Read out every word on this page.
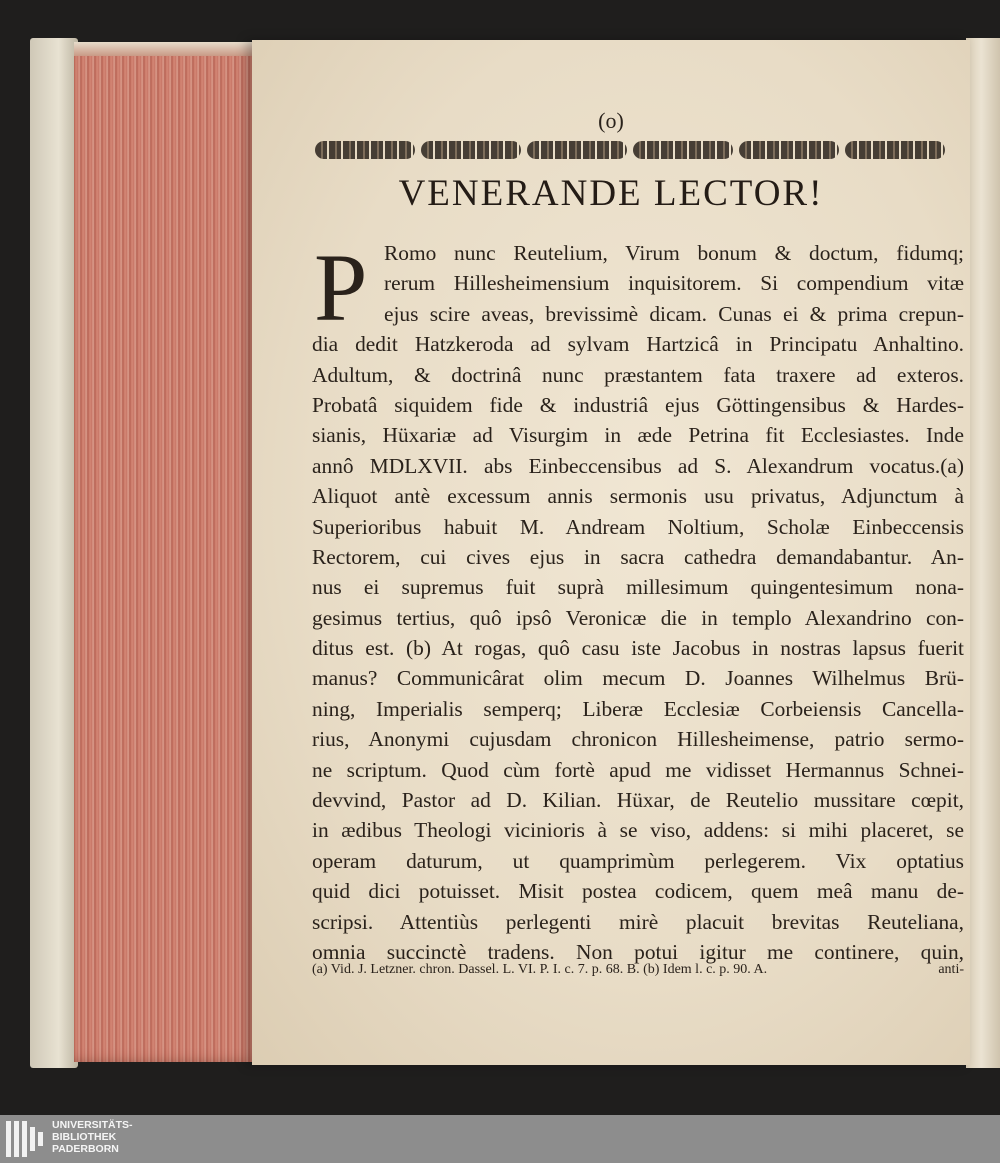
(o)
VENERANDE LECTOR!
P Romo nunc Reutelium, Virum bonum & doctum, fidumq;
rerum Hillesheimensium inquisitorem. Si compendium vitæ
ejus scire aveas, brevissimè dicam. Cunas ei & prima crepun-
dia dedit Hatzkeroda ad sylvam Hartzicâ in Principatu Anhaltino.
Adultum, & doctrinâ nunc præstantem fata traxere ad exteros.
Probatâ siquidem fide & industriâ ejus Göttingensibus & Hardes-
sianis, Hüxariæ ad Visurgim in æde Petrina fit Ecclesiastes. Inde
annô MDLXVII. abs Einbeccensibus ad S. Alexandrum vocatus.(a)
Aliquot antè excessum annis sermonis usu privatus, Adjunctum à
Superioribus habuit M. Andream Noltium, Scholæ Einbeccensis
Rectorem, cui cives ejus in sacra cathedra demandabantur. An-
nus ei supremus fuit suprà millesimum quingentesimum nona-
gesimus tertius, quô ipsô Veronicæ die in templo Alexandrino con-
ditus est. (b) At rogas, quô casu iste Jacobus in nostras lapsus fuerit
manus? Communicârat olim mecum D. Joannes Wilhelmus Brü-
ning, Imperialis semperq; Liberæ Ecclesiæ Corbeiensis Cancella-
rius, Anonymi cujusdam chronicon Hillesheimense, patrio sermo-
ne scriptum. Quod cùm fortè apud me vidisset Hermannus Schnei-
devvind, Pastor ad D. Kilian. Hüxar, de Reutelio mussitare cœpit,
in ædibus Theologi vicinioris à se viso, addens: si mihi placeret, se
operam daturum, ut quamprimùm perlegerem. Vix optatius
quid dici potuisset. Misit postea codicem, quem meâ manu de-
scripsi. Attentiùs perlegenti mirè placuit brevitas Reuteliana,
omnia succinctè tradens. Non potui igitur me continere, quin,
(a) Vid. J. Letzner. chron. Dassel. L. VI. P. I. c. 7. p. 68. B. (b) Idem l. c. p. 90. A.	anti-
UNIVERSITÄTS-
BIBLIOTHEK
PADERBORN
